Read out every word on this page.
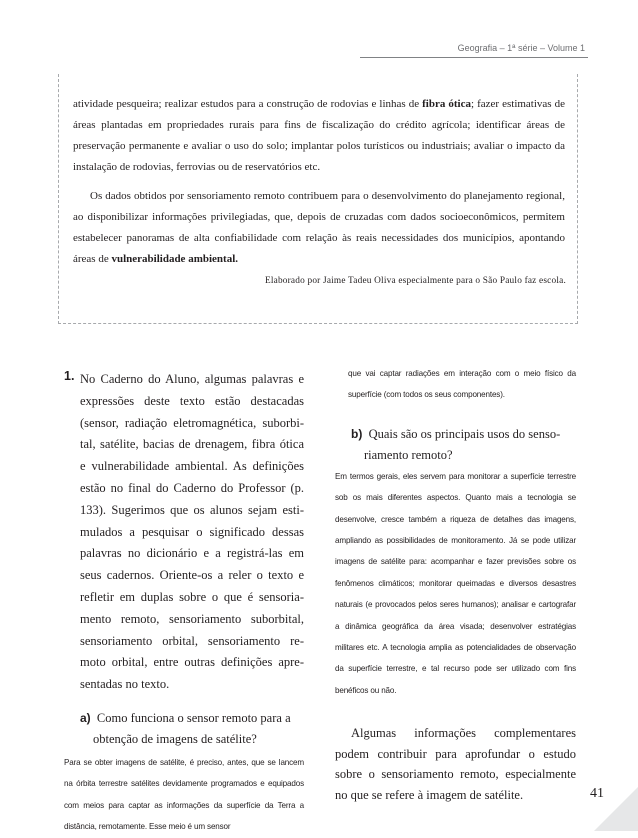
Geografia – 1ª série – Volume 1

atividade pesqueira; realizar estudos para a construção de rodovias e linhas de fibra ótica; fazer estimativas de áreas plantadas em propriedades rurais para fins de fiscalização do crédito agrícola; identificar áreas de preservação permanente e avaliar o uso do solo; implantar polos turísticos ou industriais; avaliar o impacto da instalação de rodovias, ferrovias ou de reservatórios etc.

Os dados obtidos por sensoriamento remoto contribuem para o desenvolvimento do planejamento regional, ao disponibilizar informações privilegiadas, que, depois de cruzadas com dados socioeconômicos, permitem estabelecer panoramas de alta confiabilidade com relação às reais necessidades dos municípios, apontando áreas de vulnerabilidade ambiental.

Elaborado por Jaime Tadeu Oliva especialmente para o São Paulo faz escola.
1. No Caderno do Aluno, algumas palavras e expressões deste texto estão destacadas (sensor, radiação eletromagnética, suborbital, satélite, bacias de drenagem, fibra ótica e vulnerabilidade ambiental. As definições estão no final do Caderno do Professor (p. 133). Sugerimos que os alunos sejam estimulados a pesquisar o significado dessas palavras no dicionário e a registrá-las em seus cadernos. Oriente-os a reler o texto e refletir em duplas sobre o que é sensoriamento remoto, sensoriamento suborbital, sensoriamento orbital, sensoriamento remoto orbital, entre outras definições apresentadas no texto.

a) Como funciona o sensor remoto para a obtenção de imagens de satélite?

Para se obter imagens de satélite, é preciso, antes, que se lancem na órbita terrestre satélites devidamente programados e equipados com meios para captar as informações da superfície da Terra a distância, remotamente. Esse meio é um sensor

que vai captar radiações em interação com o meio físico da superfície (com todos os seus componentes).

b) Quais são os principais usos do sensoriamento remoto?

Em termos gerais, eles servem para monitorar a superfície terrestre sob os mais diferentes aspectos. Quanto mais a tecnologia se desenvolve, cresce também a riqueza de detalhes das imagens, ampliando as possibilidades de monitoramento. Já se pode utilizar imagens de satélite para: acompanhar e fazer previsões sobre os fenômenos climáticos; monitorar queimadas e diversos desastres naturais (e provocados pelos seres humanos); analisar e cartografar a dinâmica geográfica da área visada; desenvolver estratégias militares etc. A tecnologia amplia as potencialidades de observação da superfície terrestre, e tal recurso pode ser utilizado com fins benéficos ou não.

Algumas informações complementares podem contribuir para aprofundar o estudo sobre o sensoriamento remoto, especialmente no que se refere à imagem de satélite.	41
